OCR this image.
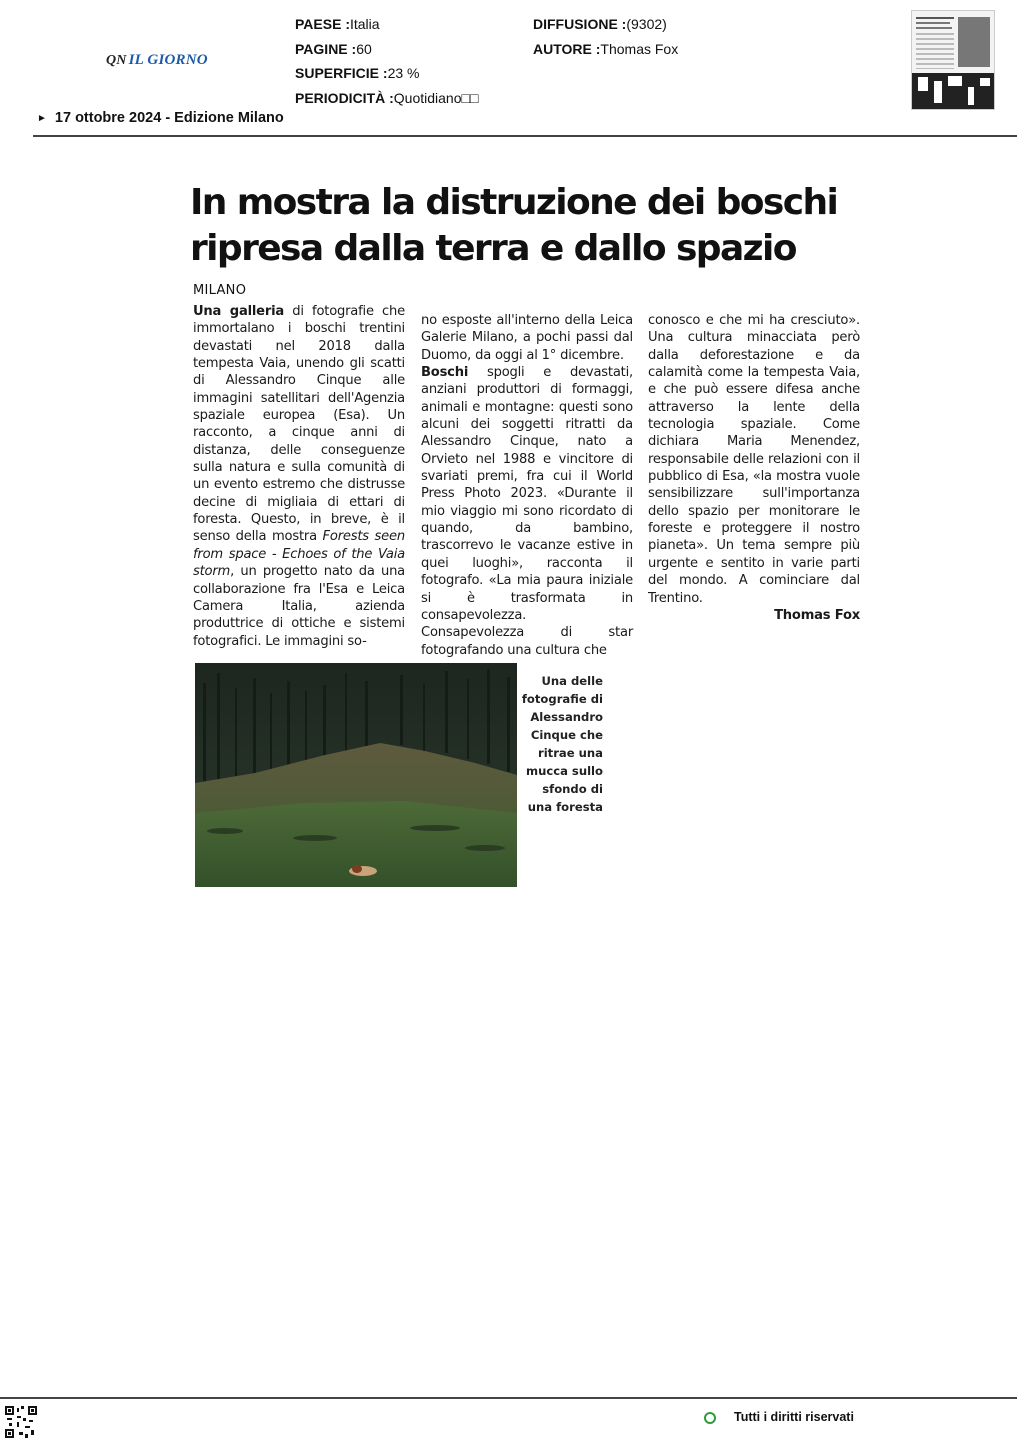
QN IL GIORNO
PAESE :Italia
PAGINE :60
SUPERFICIE :23 %
PERIODICITÀ :Quotidiano□□
DIFFUSIONE :(9302)
AUTORE :Thomas Fox
► 17 ottobre 2024 - Edizione Milano
In mostra la distruzione dei boschi ripresa dalla terra e dallo spazio
MILANO
Una galleria di fotografie che immortalano i boschi trentini devastati nel 2018 dalla tempesta Vaia, unendo gli scatti di Alessandro Cinque alle immagini satellitari dell'Agenzia spaziale europea (Esa). Un racconto, a cinque anni di distanza, delle conseguenze sulla natura e sulla comunità di un evento estremo che distrusse decine di migliaia di ettari di foresta. Questo, in breve, è il senso della mostra Forests seen from space - Echoes of the Vaia storm, un progetto nato da una collaborazione fra l'Esa e Leica Camera Italia, azienda produttrice di ottiche e sistemi fotografici. Le immagini so-
no esposte all'interno della Leica Galerie Milano, a pochi passi dal Duomo, da oggi al 1° dicembre.
Boschi spogli e devastati, anziani produttori di formaggi, animali e montagne: questi sono alcuni dei soggetti ritratti da Alessandro Cinque, nato a Orvieto nel 1988 e vincitore di svariati premi, fra cui il World Press Photo 2023. «Durante il mio viaggio mi sono ricordato di quando, da bambino, trascorrevo le vacanze estive in quei luoghi», racconta il fotografo. «La mia paura iniziale si è trasformata in consapevolezza. Consapevolezza di star fotografando una cultura che
conosco e che mi ha cresciuto». Una cultura minacciata però dalla deforestazione e da calamità come la tempesta Vaia, e che può essere difesa anche attraverso la lente della tecnologia spaziale. Come dichiara Maria Menendez, responsabile delle relazioni con il pubblico di Esa, «la mostra vuole sensibilizzare sull'importanza dello spazio per monitorare le foreste e proteggere il nostro pianeta». Un tema sempre più urgente e sentito in varie parti del mondo. A cominciare dal Trentino.
Thomas Fox
Una delle fotografie di Alessandro Cinque che ritrae una mucca sullo sfondo di una foresta
Tutti i diritti riservati
